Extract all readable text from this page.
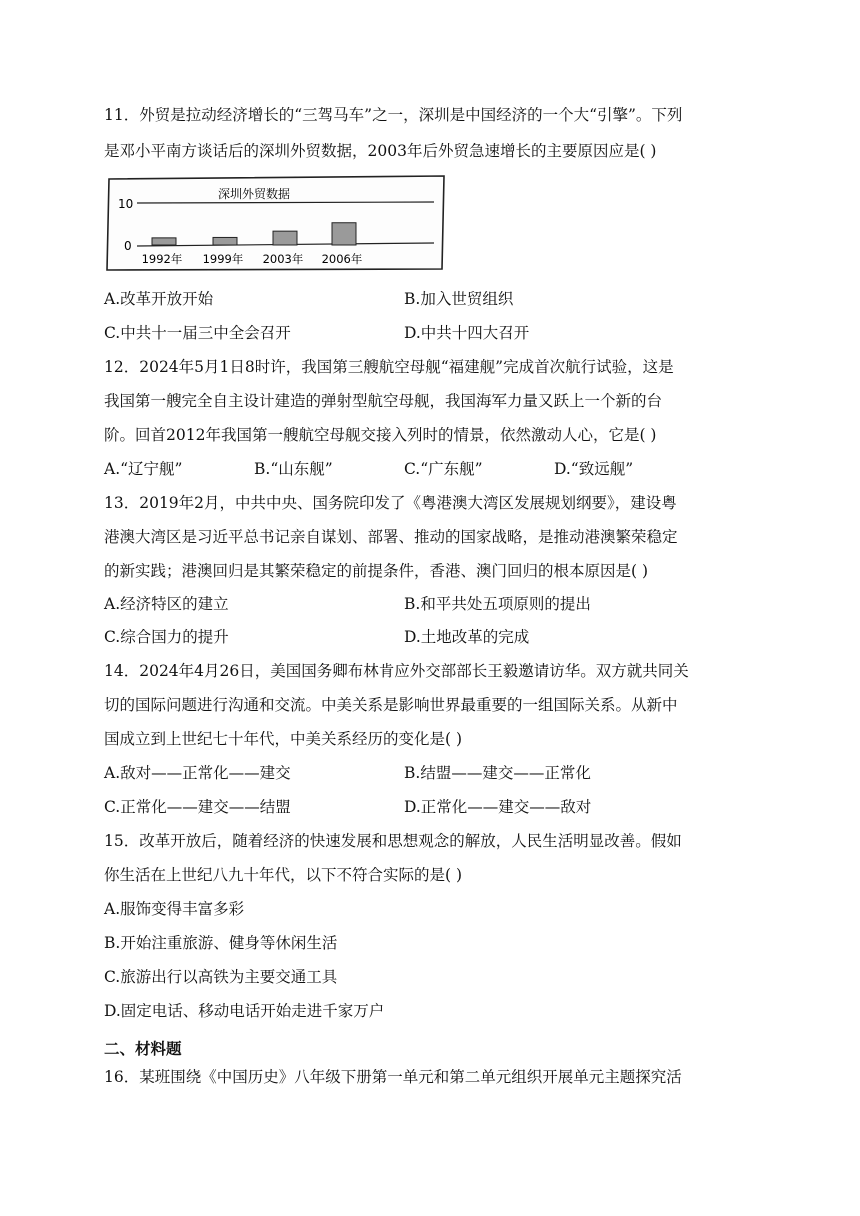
11．外贸是拉动经济增长的“三驾马车”之一，深圳是中国经济的一个大“引擎”。下列
是邓小平南方谈话后的深圳外贸数据，2003年后外贸急速增长的主要原因应是( )
深圳外贸数据
10
0
1992年 1999年 2003年 2006年
A.改革开放开始	B.加入世贸组织
C.中共十一届三中全会召开	D.中共十四大召开
12．2024年5月1日8时许，我国第三艘航空母舰“福建舰”完成首次航行试验，这是
我国第一艘完全自主设计建造的弹射型航空母舰，我国海军力量又跃上一个新的台
阶。回首2012年我国第一艘航空母舰交接入列时的情景，依然激动人心，它是( )
A.“辽宁舰”	B.“山东舰”	C.“广东舰”	D.“致远舰”
13．2019年2月，中共中央、国务院印发了《粤港澳大湾区发展规划纲要》，建设粤
港澳大湾区是习近平总书记亲自谋划、部署、推动的国家战略，是推动港澳繁荣稳定
的新实践；港澳回归是其繁荣稳定的前提条件，香港、澳门回归的根本原因是( )
A.经济特区的建立	B.和平共处五项原则的提出
C.综合国力的提升	D.土地改革的完成
14．2024年4月26日，美国国务卿布林肯应外交部部长王毅邀请访华。双方就共同关
切的国际问题进行沟通和交流。中美关系是影响世界最重要的一组国际关系。从新中
国成立到上世纪七十年代，中美关系经历的变化是( )
A.敌对——正常化——建交	B.结盟——建交——正常化
C.正常化——建交——结盟	D.正常化——建交——敌对
15．改革开放后，随着经济的快速发展和思想观念的解放，人民生活明显改善。假如
你生活在上世纪八九十年代，以下不符合实际的是( )
A.服饰变得丰富多彩
B.开始注重旅游、健身等休闲生活
C.旅游出行以高铁为主要交通工具
D.固定电话、移动电话开始走进千家万户
二、材料题
16．某班围绕《中国历史》八年级下册第一单元和第二单元组织开展单元主题探究活
